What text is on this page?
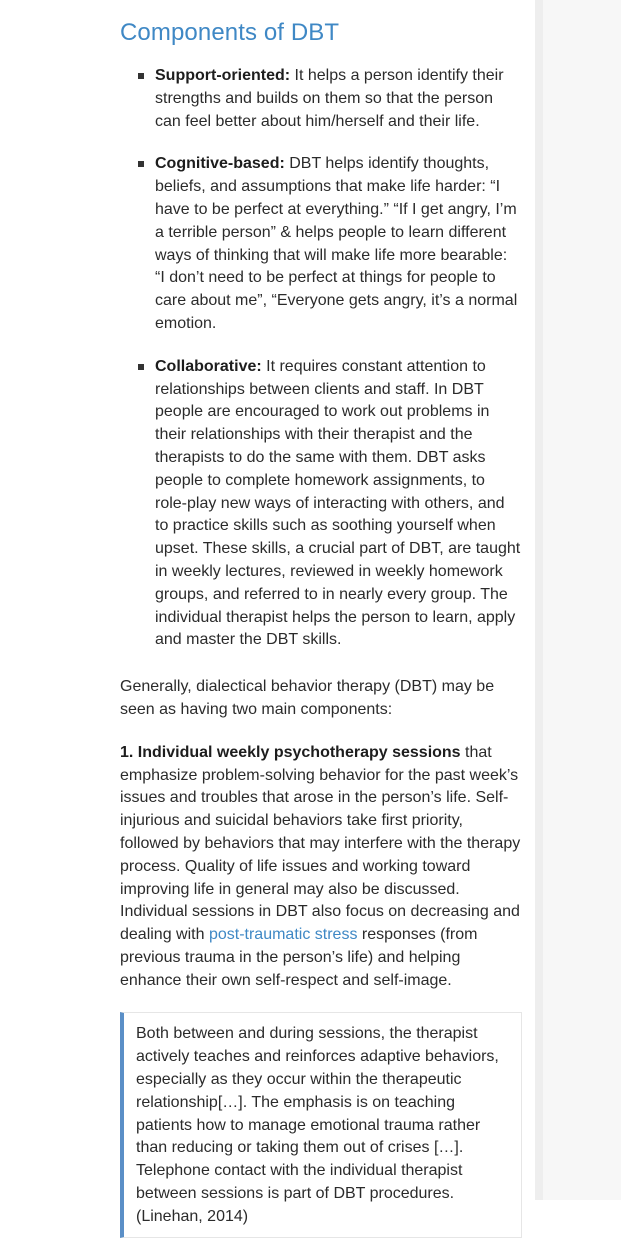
Components of DBT
Support-oriented: It helps a person identify their strengths and builds on them so that the person can feel better about him/herself and their life.
Cognitive-based: DBT helps identify thoughts, beliefs, and assumptions that make life harder: “I have to be perfect at everything.” “If I get angry, I’m a terrible person” & helps people to learn different ways of thinking that will make life more bearable: “I don’t need to be perfect at things for people to care about me”, “Everyone gets angry, it’s a normal emotion.
Collaborative: It requires constant attention to relationships between clients and staff. In DBT people are encouraged to work out problems in their relationships with their therapist and the therapists to do the same with them. DBT asks people to complete homework assignments, to role-play new ways of interacting with others, and to practice skills such as soothing yourself when upset. These skills, a crucial part of DBT, are taught in weekly lectures, reviewed in weekly homework groups, and referred to in nearly every group. The individual therapist helps the person to learn, apply and master the DBT skills.

Generally, dialectical behavior therapy (DBT) may be seen as having two main components:

1. Individual weekly psychotherapy sessions that emphasize problem-solving behavior for the past week’s issues and troubles that arose in the person’s life. Self-injurious and suicidal behaviors take first priority, followed by behaviors that may interfere with the therapy process. Quality of life issues and working toward improving life in general may also be discussed. Individual sessions in DBT also focus on decreasing and dealing with post-traumatic stress responses (from previous trauma in the person’s life) and helping enhance their own self-respect and self-image.

Both between and during sessions, the therapist actively teaches and reinforces adaptive behaviors, especially as they occur within the therapeutic relationship[…]. The emphasis is on teaching patients how to manage emotional trauma rather than reducing or taking them out of crises […]. Telephone contact with the individual therapist between sessions is part of DBT procedures. (Linehan, 2014)
